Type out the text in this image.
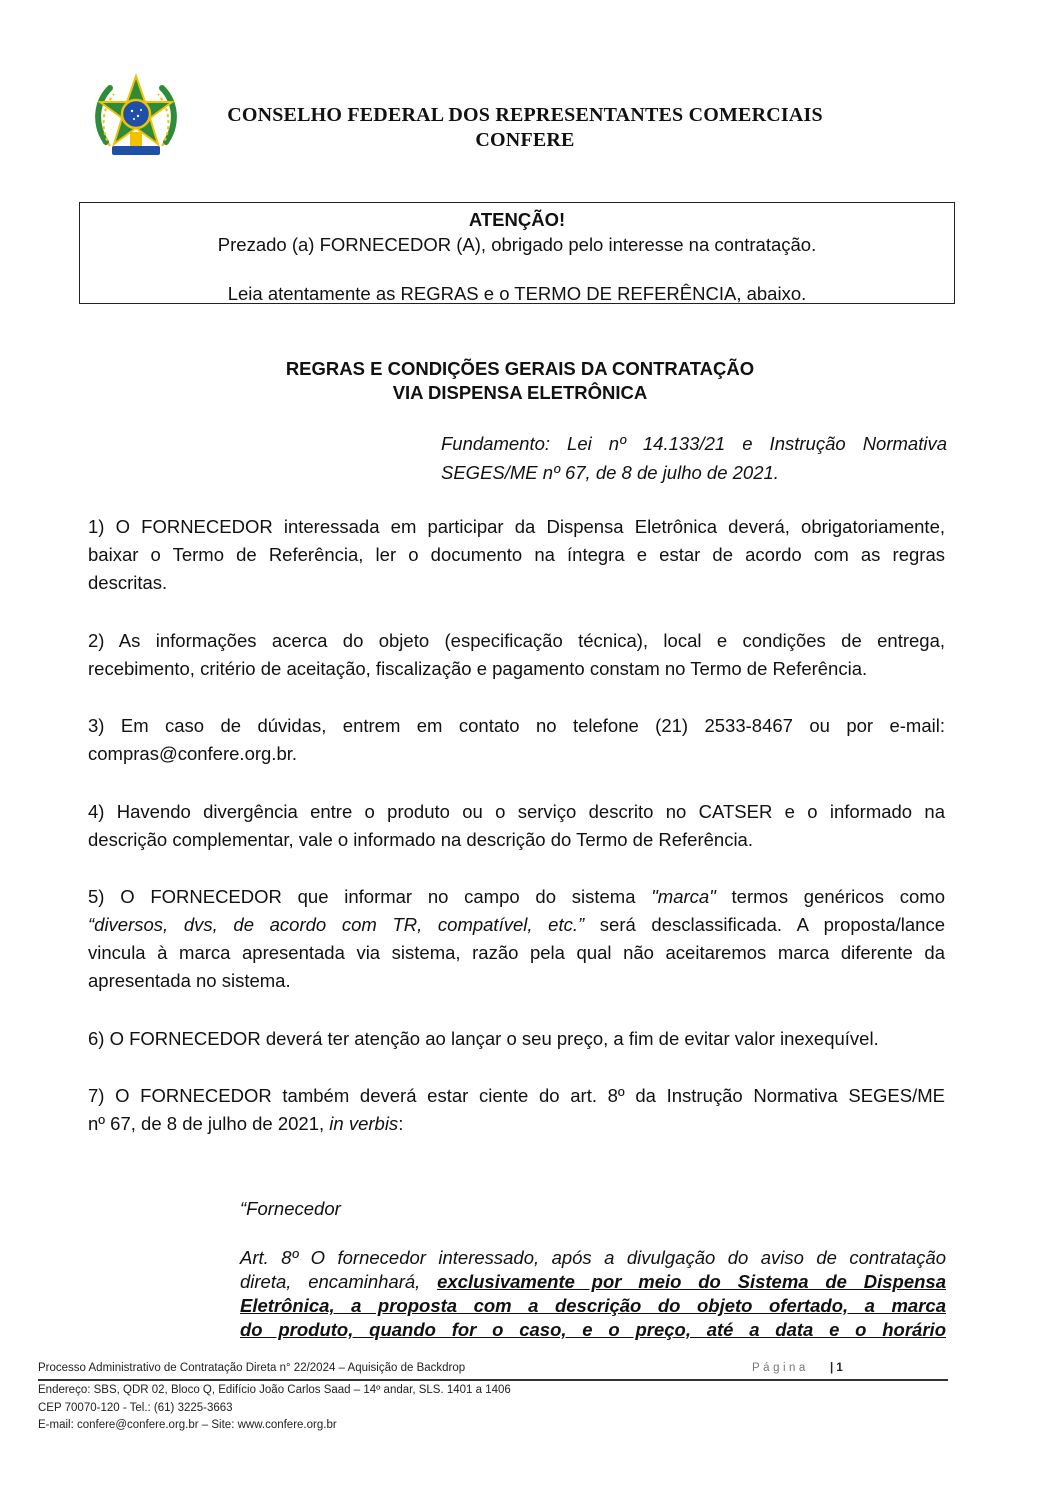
CONSELHO FEDERAL DOS REPRESENTANTES COMERCIAIS
CONFERE
ATENÇÃO!
Prezado (a) FORNECEDOR (A), obrigado pelo interesse na contratação.
Leia atentamente as REGRAS e o TERMO DE REFERÊNCIA, abaixo.
REGRAS E CONDIÇÕES GERAIS DA CONTRATAÇÃO
VIA DISPENSA ELETRÔNICA
Fundamento: Lei nº 14.133/21 e Instrução Normativa
SEGES/ME nº 67, de 8 de julho de 2021.
1) O FORNECEDOR interessada em participar da Dispensa Eletrônica deverá, obrigatoriamente,
baixar o Termo de Referência, ler o documento na íntegra e estar de acordo com as regras
descritas.
2) As informações acerca do objeto (especificação técnica), local e condições de entrega,
recebimento, critério de aceitação, fiscalização e pagamento constam no Termo de Referência.
3) Em caso de dúvidas, entrem em contato no telefone (21) 2533-8467 ou por e-mail:
compras@confere.org.br.
4) Havendo divergência entre o produto ou o serviço descrito no CATSER e o informado na
descrição complementar, vale o informado na descrição do Termo de Referência.
5) O FORNECEDOR que informar no campo do sistema "marca" termos genéricos como
“diversos, dvs, de acordo com TR, compatível, etc.” será desclassificada. A proposta/lance
vincula à marca apresentada via sistema, razão pela qual não aceitaremos marca diferente da
apresentada no sistema.
6) O FORNECEDOR deverá ter atenção ao lançar o seu preço, a fim de evitar valor inexequível.
7) O FORNECEDOR também deverá estar ciente do art. 8º da Instrução Normativa SEGES/ME
nº 67, de 8 de julho de 2021, in verbis:
“Fornecedor
Art. 8º O fornecedor interessado, após a divulgação do aviso de contratação
direta, encaminhará, exclusivamente por meio do Sistema de Dispensa
Eletrônica, a proposta com a descrição do objeto ofertado, a marca
do produto, quando for o caso, e o preço, até a data e o horário
Processo Administrativo de Contratação Direta n° 22/2024 – Aquisição de Backdrop	Página | 1
Endereço: SBS, QDR 02, Bloco Q, Edifício João Carlos Saad – 14º andar, SLS. 1401 a 1406
CEP 70070-120 - Tel.: (61) 3225-3663
E-mail: confere@confere.org.br – Site: www.confere.org.br
